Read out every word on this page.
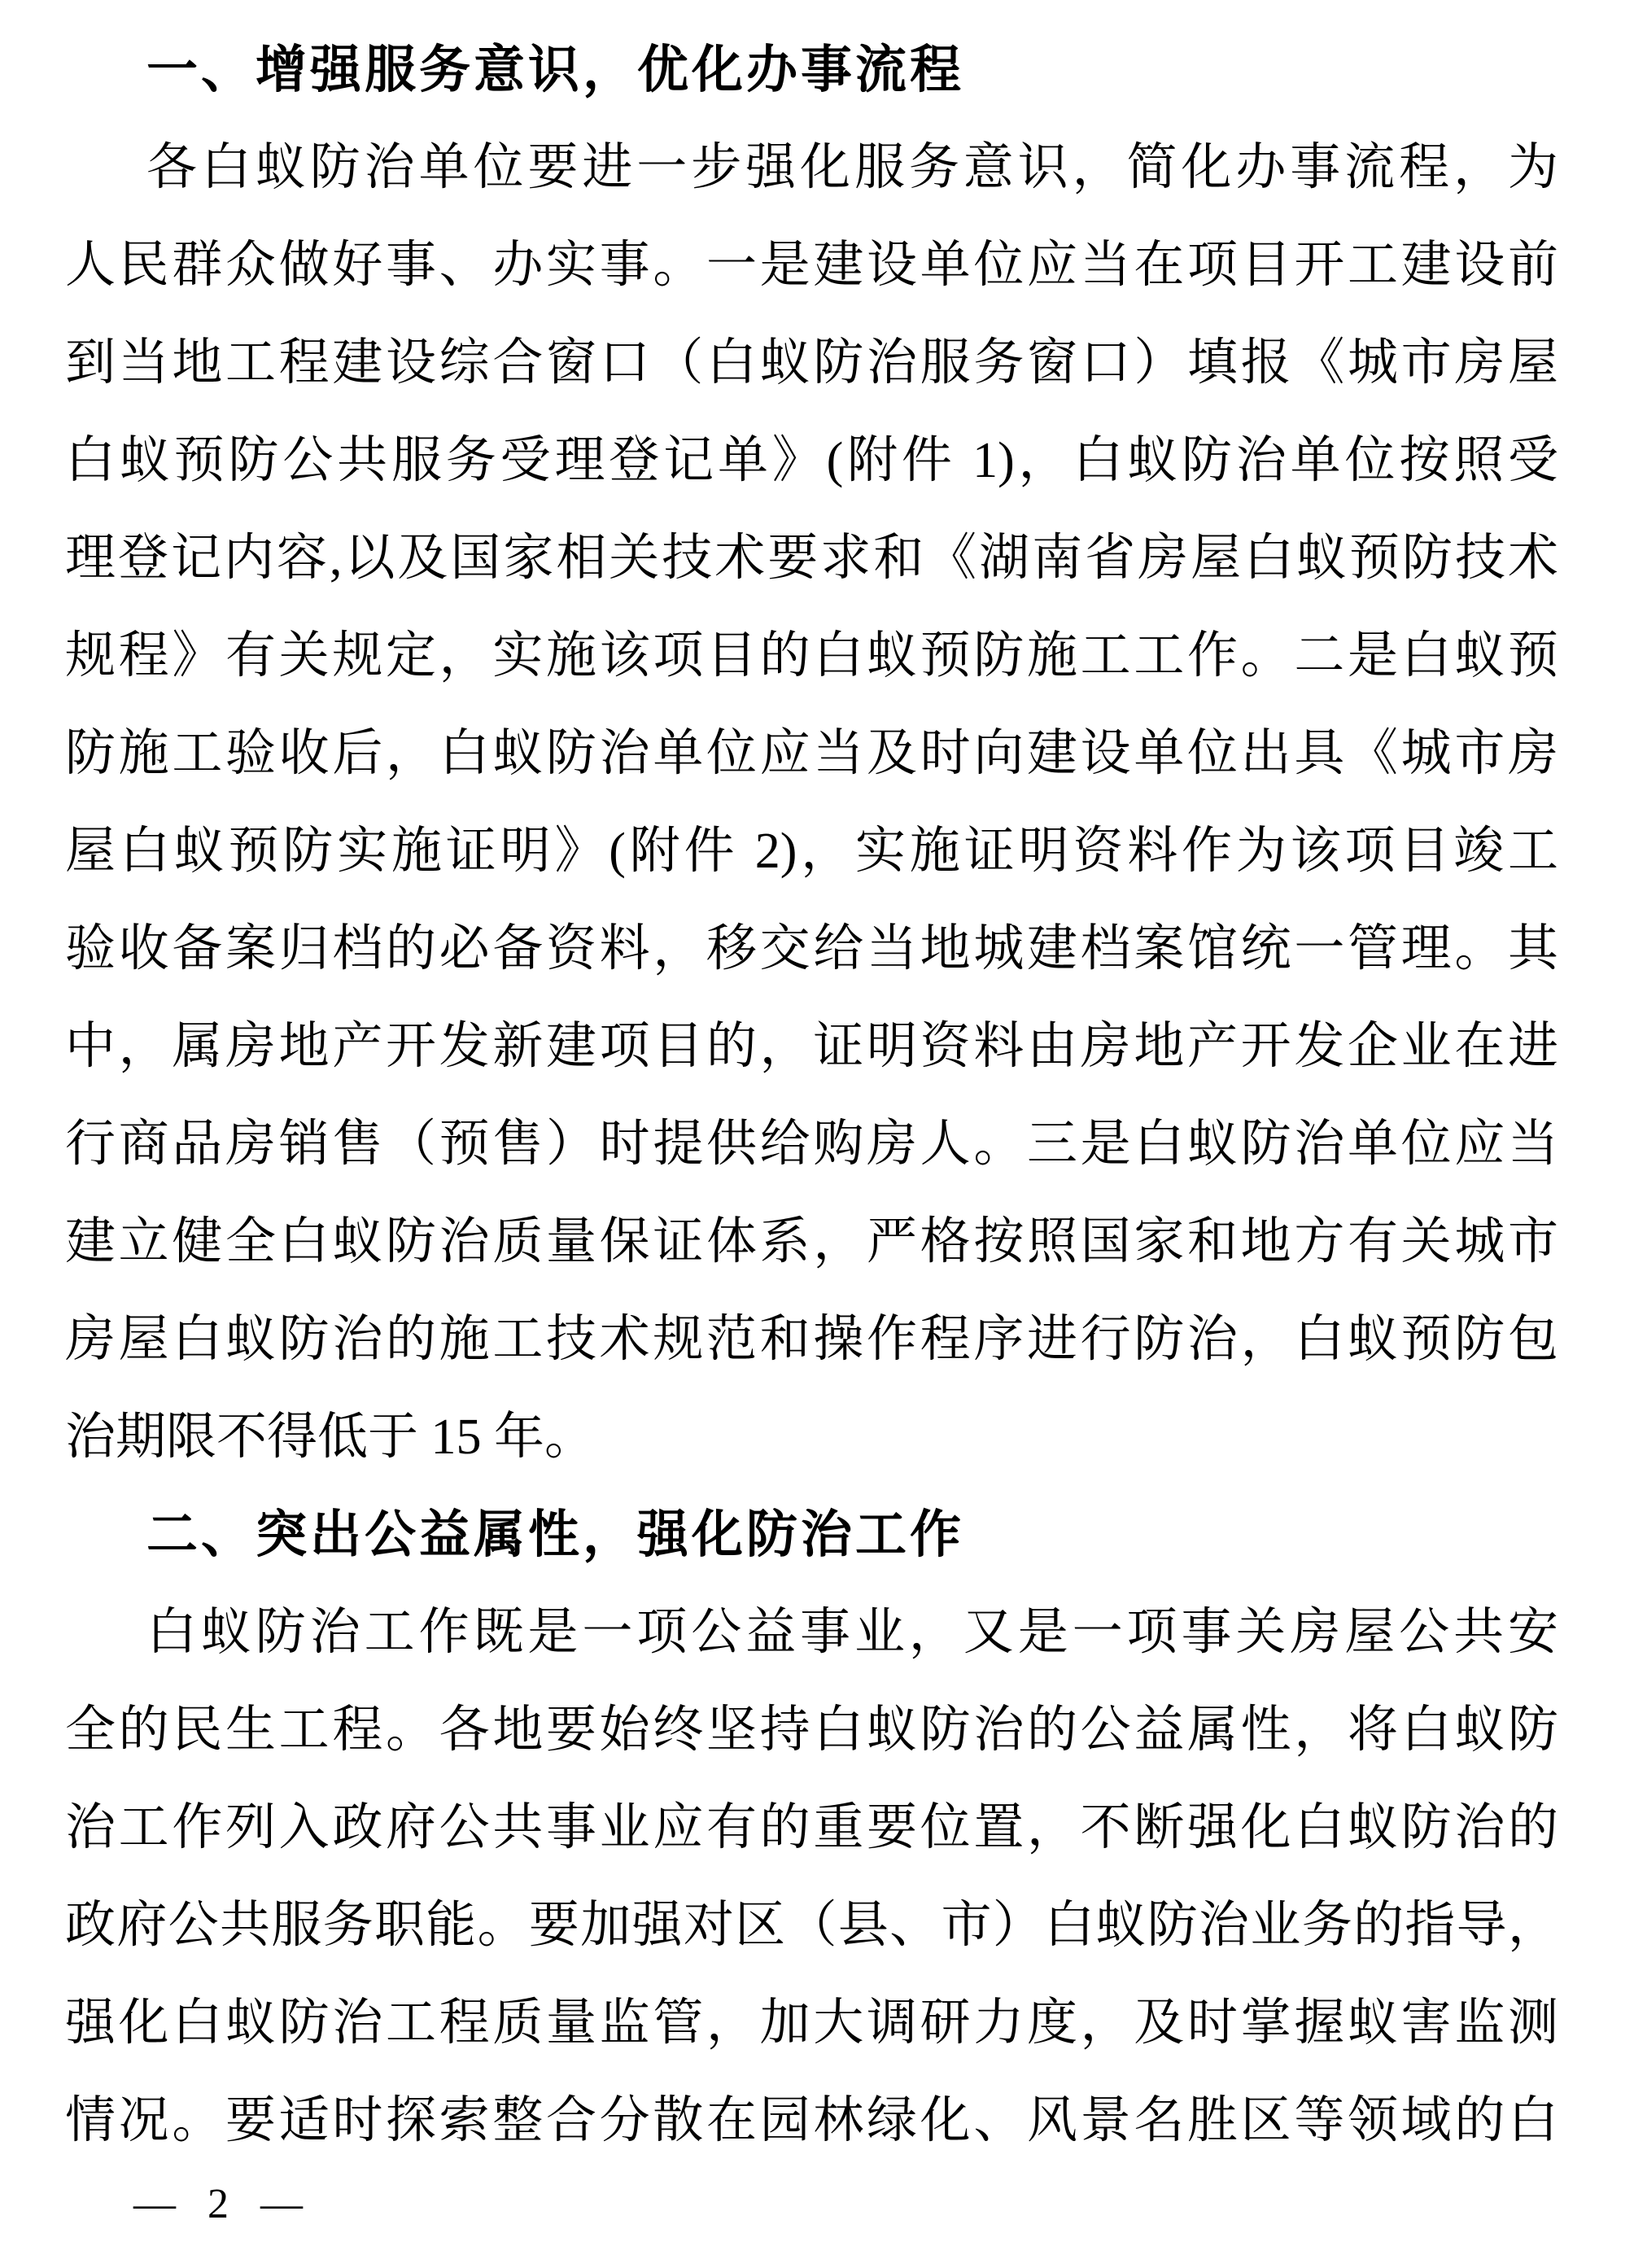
一、增强服务意识，优化办事流程
各白蚁防治单位要进一步强化服务意识，简化办事流程，为
人民群众做好事、办实事。一是建设单位应当在项目开工建设前
到当地工程建设综合窗口（白蚁防治服务窗口）填报《城市房屋
白蚁预防公共服务受理登记单》(附件 1)，白蚁防治单位按照受
理登记内容,以及国家相关技术要求和《湖南省房屋白蚁预防技术
规程》有关规定，实施该项目的白蚁预防施工工作。二是白蚁预
防施工验收后，白蚁防治单位应当及时向建设单位出具《城市房
屋白蚁预防实施证明》(附件 2)，实施证明资料作为该项目竣工
验收备案归档的必备资料，移交给当地城建档案馆统一管理。其
中，属房地产开发新建项目的，证明资料由房地产开发企业在进
行商品房销售（预售）时提供给购房人。三是白蚁防治单位应当
建立健全白蚁防治质量保证体系，严格按照国家和地方有关城市
房屋白蚁防治的施工技术规范和操作程序进行防治，白蚁预防包
治期限不得低于 15 年。
二、突出公益属性，强化防治工作
白蚁防治工作既是一项公益事业，又是一项事关房屋公共安
全的民生工程。各地要始终坚持白蚁防治的公益属性，将白蚁防
治工作列入政府公共事业应有的重要位置，不断强化白蚁防治的
政府公共服务职能。要加强对区（县、市）白蚁防治业务的指导，
强化白蚁防治工程质量监管，加大调研力度，及时掌握蚁害监测
情况。要适时探索整合分散在园林绿化、风景名胜区等领域的白
— 2 —
